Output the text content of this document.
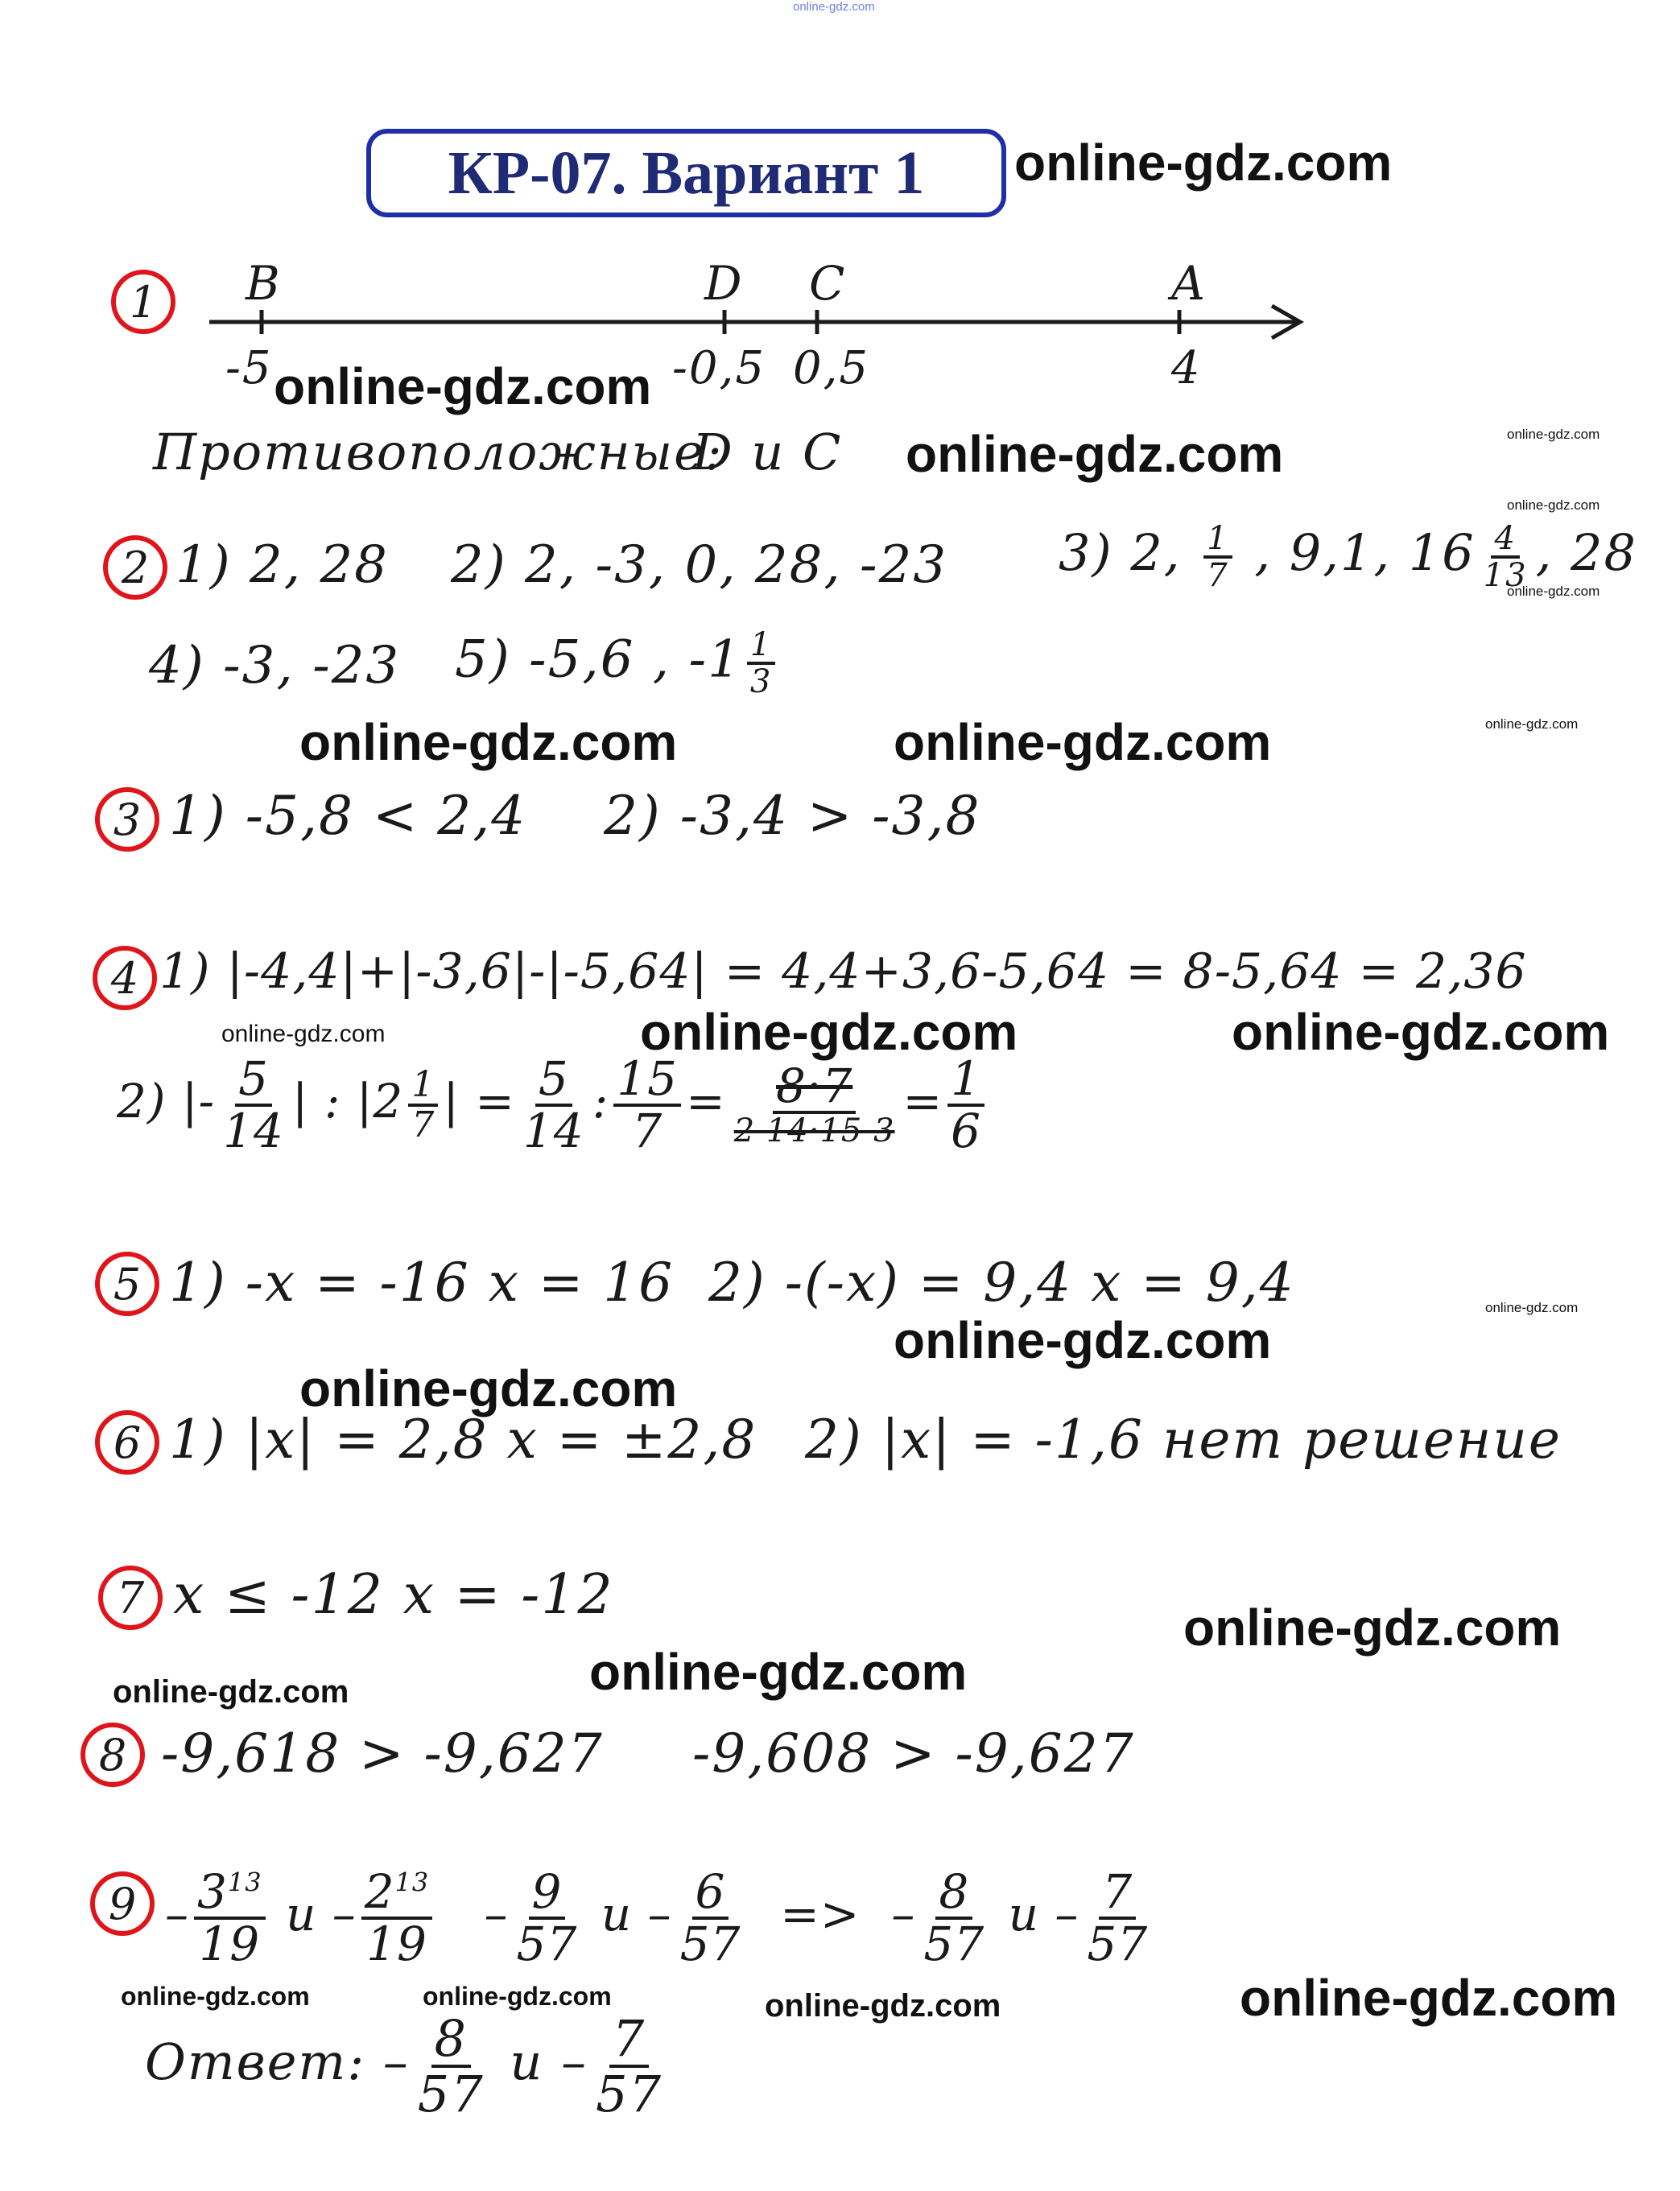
online-gdz.com
КР-07. Вариант 1 online-gdz.com
1 B
-5
D
-0,5
C
0,5
A
4
online-gdz.com
Противоположные:
D и C online-gdz.com	online-gdz.com
online-gdz.com
2 1) 2, 28 2) 2, -3, 0, 28, -23 3) 2, $\frac{1}{7}$ , 9,1, $16 \frac{4}{13}$ , 28
online-gdz.com
4) -3, -23 5) -5,6 , $-1 \frac{1}{3}$
online-gdz.com	online-gdz.com	online-gdz.com
3 1) -5,8 < 2,4 2) -3,4 > -3,8
4 1) |-4,4|+|-3,6|-|-5,64| = 4,4+3,6-5,64 = 8-5,64 = 2,36
online-gdz.com	online-gdz.com	online-gdz.com
2) |- $\frac{5}{14}$ | : $|2 \frac{1}{7}$ | = $\frac{5}{14}$ : $\frac{15}{7} = \frac{8\cdot 7}{2 14\cdot 15 3} = \frac{1}{6}$
5 1) -x = -16 x = 16 2) -(-x) = 9,4 x = 9,4	online-gdz.com
online-gdz.com
online-gdz.com
6 1) |x| = 2,8 x = ±2,8 2) |x| = -1,6 нет решение
7 x ≤ -12 x = -12
online-gdz.com
online-gdz.com
online-gdz.com
8 -9,618 > -9,627 -9,608 > -9,627
$9 - \frac{3^{13}}{19}$ и – $\frac{2^{13}}{19} - \frac{9}{57}$ и – $\frac{6}{57}$ => – $\frac{8}{57}$ и – $\frac{7}{57}$
online-gdz.com	online-gdz.com	online-gdz.com	online-gdz.com
Ответ: – $\frac{8}{57}$ и – $\frac{7}{57}$
